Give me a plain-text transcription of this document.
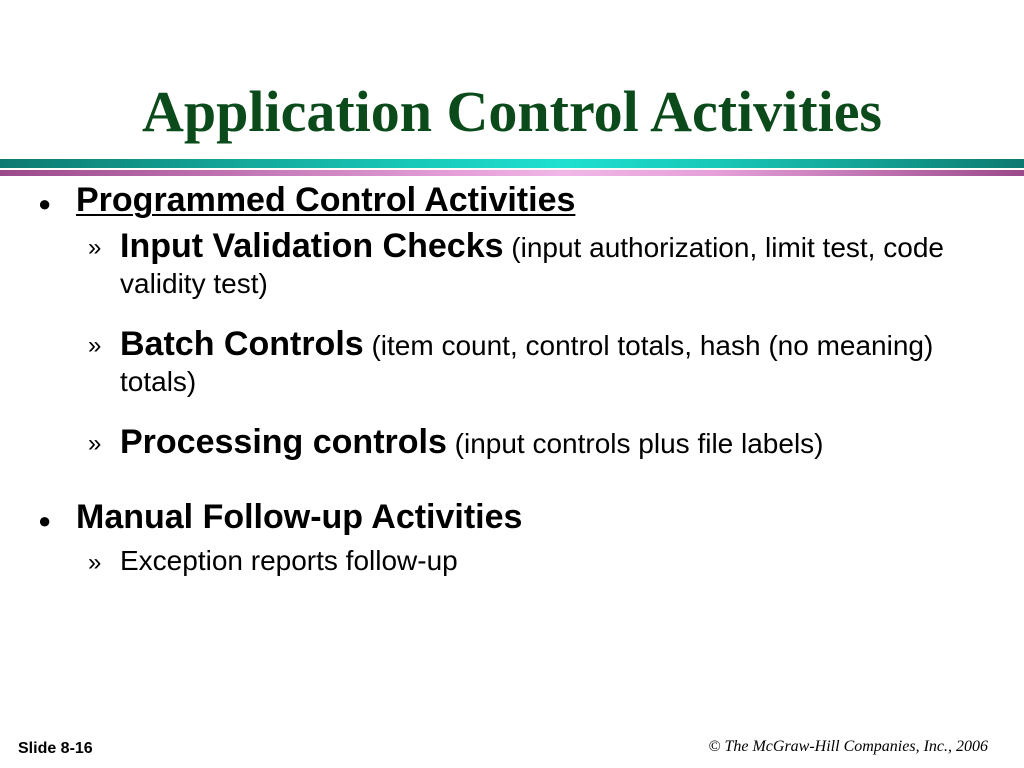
Application Control Activities
● Programmed Control Activities
» Input Validation Checks (input authorization, limit test, code validity test)
» Batch Controls (item count, control totals, hash (no meaning) totals)
» Processing controls (input controls plus file labels)
● Manual Follow-up Activities
» Exception reports follow-up
Slide 8-16	© The McGraw-Hill Companies, Inc., 2006
